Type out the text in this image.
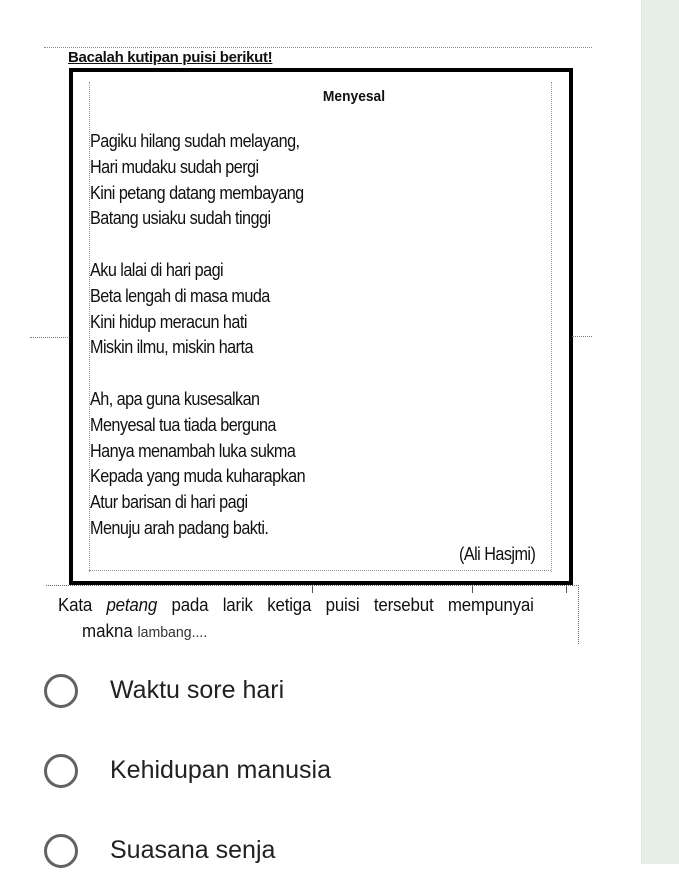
Bacalah kutipan puisi berikut!
Menyesal
Pagiku hilang sudah melayang,
Hari mudaku sudah pergi
Kini petang datang membayang
Batang usiaku sudah tinggi
Aku lalai di hari pagi
Beta lengah di masa muda
Kini hidup meracun hati
Miskin ilmu, miskin harta
Ah, apa guna kusesalkan
Menyesal tua tiada berguna
Hanya menambah luka sukma
Kepada yang muda kuharapkan
Atur barisan di hari pagi
Menuju arah padang bakti.
(Ali Hasjmi)
Kata petang pada larik ketiga puisi tersebut mempunyai
makna lambang....
Waktu sore hari
Kehidupan manusia
Suasana senja
